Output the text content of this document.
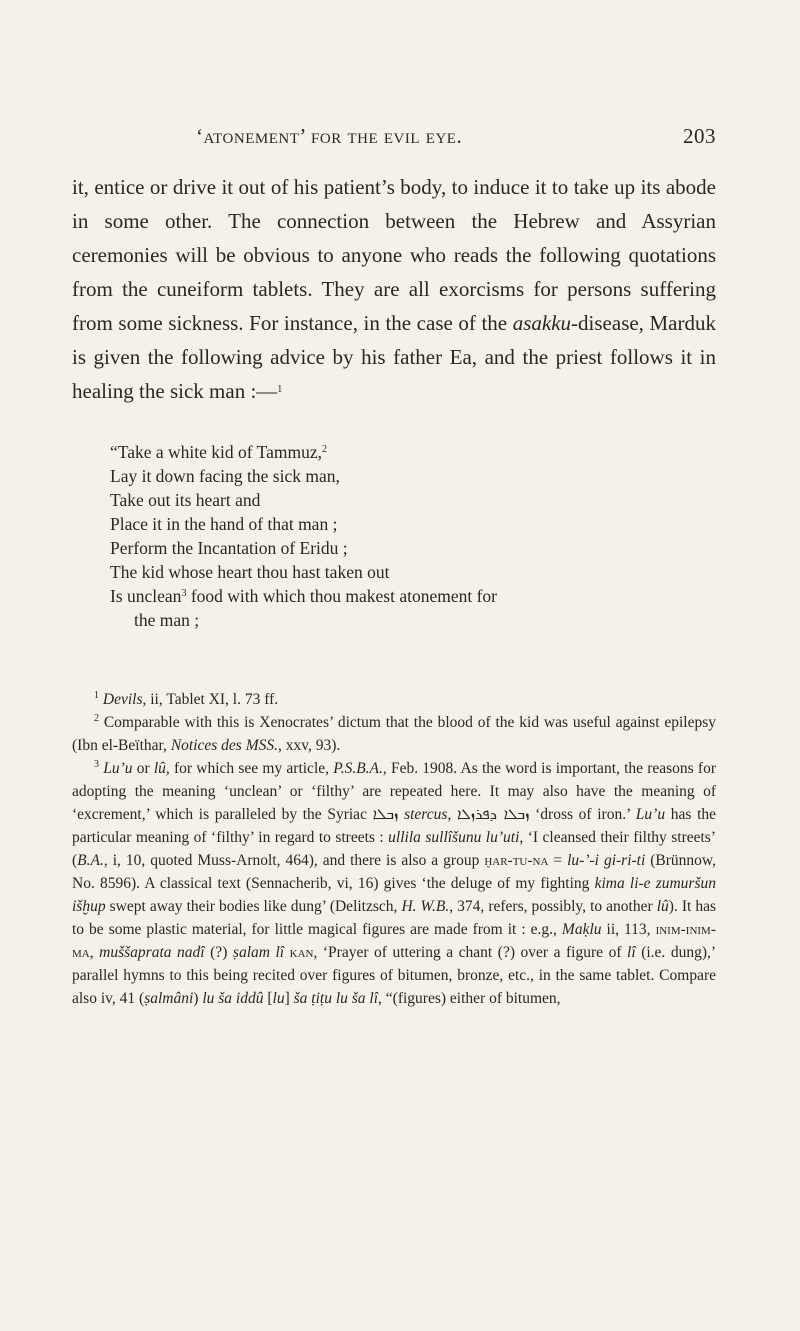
‘atonement’ for the evil eye.	203

it, entice or drive it out of his patient’s body, to induce it to take up its abode in some other. The connection between the Hebrew and Assyrian ceremonies will be obvious to anyone who reads the following quotations from the cuneiform tablets. They are all exorcisms for persons suffering from some sickness. For instance, in the case of the asakku-disease, Marduk is given the following advice by his father Ea, and the priest follows it in healing the sick man :—$^1$

“Take a white kid of Tammuz,$^2$
Lay it down facing the sick man,
Take out its heart and
Place it in the hand of that man ;
Perform the Incantation of Eridu ;
The kid whose heart thou hast taken out
Is unclean$^3$ food with which thou makest atonement for
the man ;

$^1$ Devils, ii, Tablet XI, l. 73 ff.

$^2$ Comparable with this is Xenocrates’ dictum that the blood of the kid was useful against epilepsy (Ibn el-Beïthar, Notices des MSS., xxv, 93).

$^3$ Lu’u or lû, for which see my article, P.S.B.A., Feb. 1908. As the word is important, the reasons for adopting the meaning ‘unclean’ or ‘filthy’ are repeated here. It may also have the meaning of ‘excrement,’ which is paralleled by the Syriac ܙܒܠܐ stercus, ܙܒܠܐ ܕܦܪܙܠܐ ‘dross of iron.’ Lu’u has the particular meaning of ‘filthy’ in regard to streets : ullila sullîšunu lu’uti, ‘I cleansed their filthy streets’ (B.A., i, 10, quoted Muss-Arnolt, 464), and there is also a group ḫar-tu-na = lu-’-i gi-ri-ti (Brünnow, No. 8596). A classical text (Sennacherib, vi, 16) gives ‘the deluge of my fighting kima li-e zumuršun išḫup swept away their bodies like dung’ (Delitzsch, H. W.B., 374, refers, possibly, to another lû). It has to be some plastic material, for little magical figures are made from it : e.g., Maḳlu ii, 113, inim-inim-ma, muššaprata nadî (?) ṣalam lî kan, ‘Prayer of uttering a chant (?) over a figure of lî (i.e. dung),’ parallel hymns to this being recited over figures of bitumen, bronze, etc., in the same tablet. Compare also iv, 41 (ṣalmâni) lu ša iddû [lu] ša ṭiṭu lu ša lî, “(figures) either of bitumen,
